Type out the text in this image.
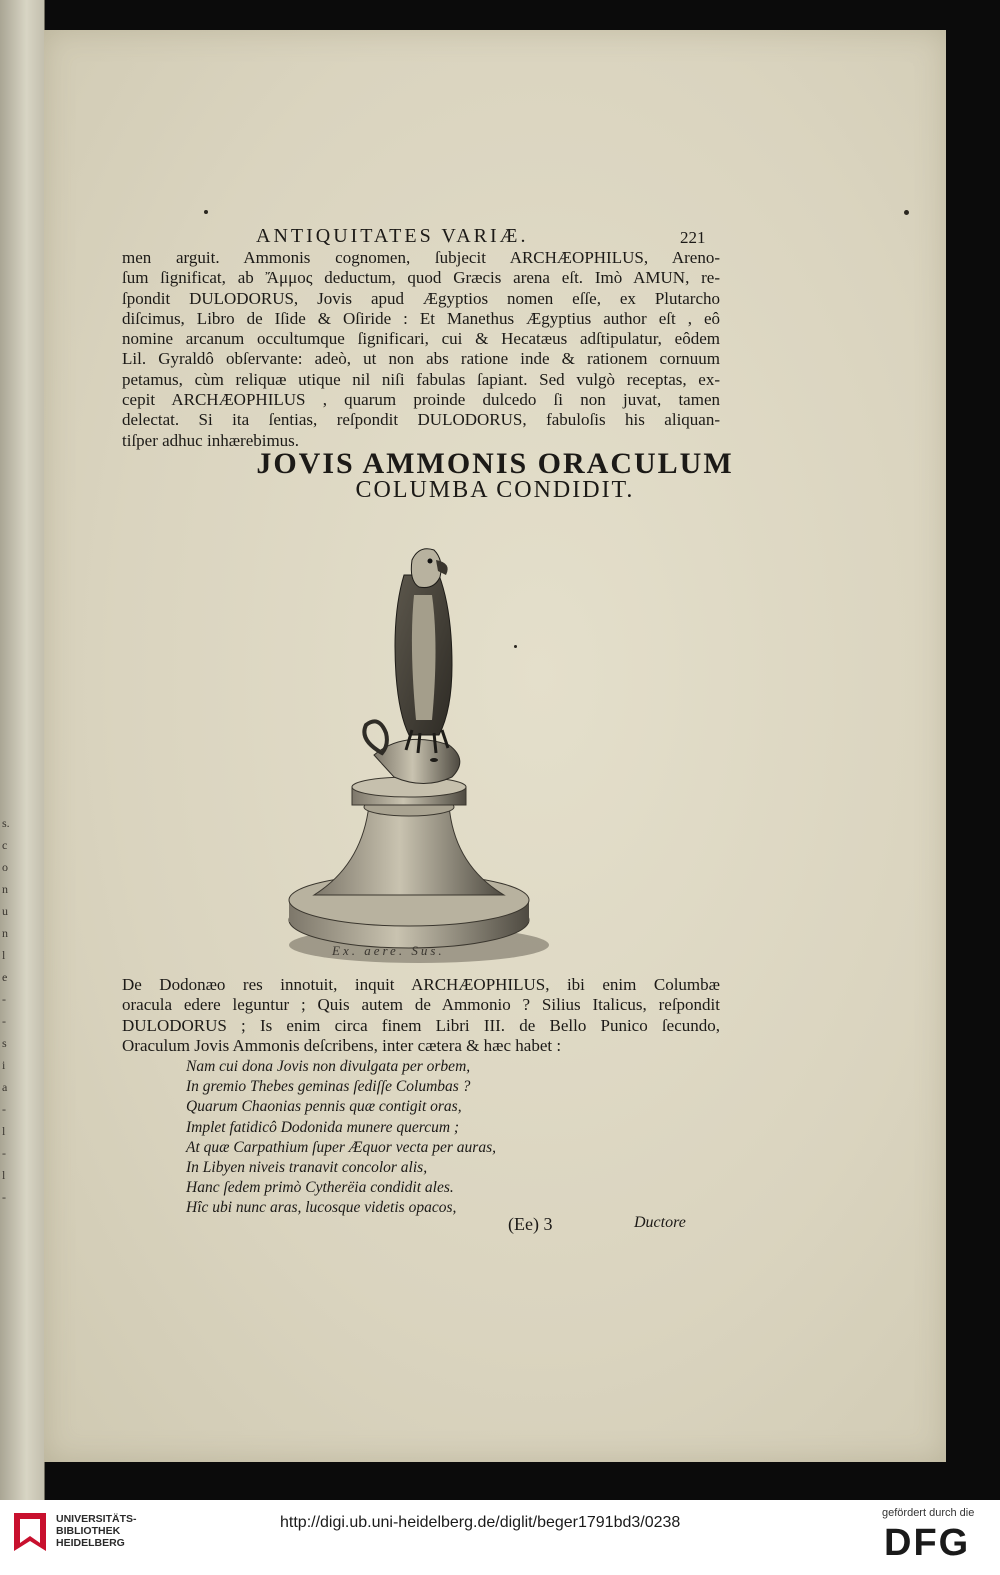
s.
c
o
n
u
n
l
e
-
-
s
i
a
-
l
-
l
-
ANTIQUITATES VARIÆ.	221
men arguit. Ammonis cognomen, ſubjecit ARCHÆOPHILUS, Areno-
ſum ſignificat, ab Ἄμμος deductum, quod Græcis arena eſt. Imò AMUN, re-
ſpondit DULODORUS, Jovis apud Ægyptios nomen eſſe, ex Plutarcho
diſcimus, Libro de Iſide & Oſiride : Et Manethus Ægyptius author eſt , eô
nomine arcanum occultumque ſignificari, cui & Hecatæus adſtipulatur, eôdem
Lil. Gyraldô obſervante: adeò, ut non abs ratione inde & rationem cornuum
petamus, cùm reliquæ utique nil niſi fabulas ſapiant. Sed vulgò receptas, ex-
cepit ARCHÆOPHILUS , quarum proinde dulcedo ſi non juvat, tamen
delectat. Si ita ſentias, reſpondit DULODORUS, fabuloſis his aliquan-
tiſper adhuc inhærebimus.
JOVIS AMMONIS ORACULUM
COLUMBA CONDIDIT.
Ex. aere. Sus.
De Dodonæo res innotuit, inquit ARCHÆOPHILUS, ibi enim Columbæ
oracula edere leguntur ; Quis autem de Ammonio ? Silius Italicus, reſpondit
DULODORUS ; Is enim circa finem Libri III. de Bello Punico ſecundo,
Oraculum Jovis Ammonis deſcribens, inter cætera & hæc habet :
Nam cui dona Jovis non divulgata per orbem,
In gremio Thebes geminas ſediſſe Columbas ?
Quarum Chaonias pennis quæ contigit oras,
Implet fatidicô Dodonida munere quercum ;
At quæ Carpathium ſuper Æquor vecta per auras,
In Libyen niveis tranavit concolor alis,
Hanc ſedem primò Cytherëia condidit ales.
Hîc ubi nunc aras, lucosque videtis opacos,
(Ee) 3	Ductore
UNIVERSITÄTS-
BIBLIOTHEK
HEIDELBERG
http://digi.ub.uni-heidelberg.de/diglit/beger1791bd3/0238
gefördert durch die
DFG
